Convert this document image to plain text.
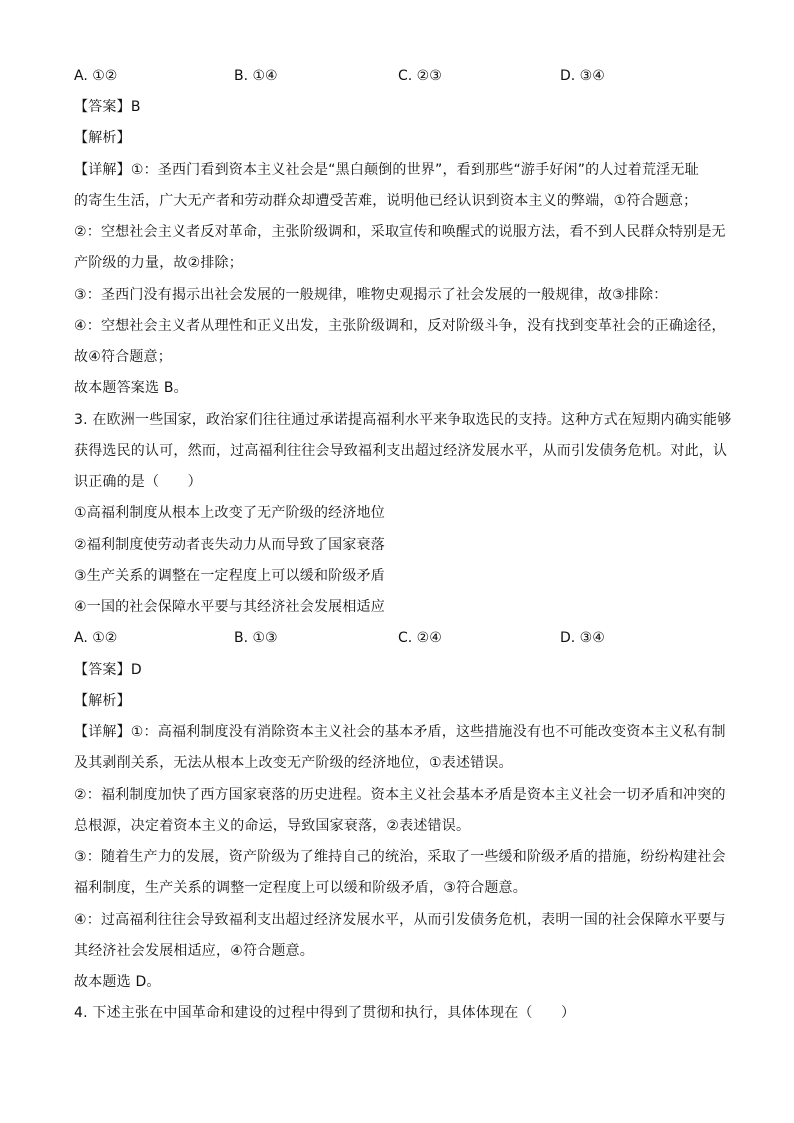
A. ①②	B. ①④	C. ②③	D. ③④
【答案】B
【解析】
【详解】①：圣西门看到资本主义社会是“黑白颠倒的世界”，看到那些“游手好闲”的人过着荒淫无耻
的寄生生活，广大无产者和劳动群众却遭受苦难，说明他已经认识到资本主义的弊端，①符合题意；
②：空想社会主义者反对革命，主张阶级调和，采取宣传和唤醒式的说服方法，看不到人民群众特别是无
产阶级的力量，故②排除；
③：圣西门没有揭示出社会发展的一般规律，唯物史观揭示了社会发展的一般规律，故③排除：
④：空想社会主义者从理性和正义出发，主张阶级调和，反对阶级斗争，没有找到变革社会的正确途径，
故④符合题意；
故本题答案选 B。
3. 在欧洲一些国家，政治家们往往通过承诺提高福利水平来争取选民的支持。这种方式在短期内确实能够
获得选民的认可，然而，过高福利往往会导致福利支出超过经济发展水平，从而引发债务危机。对此，认
识正确的是（　　）
①高福利制度从根本上改变了无产阶级的经济地位
②福利制度使劳动者丧失动力从而导致了国家衰落
③生产关系的调整在一定程度上可以缓和阶级矛盾
④一国的社会保障水平要与其经济社会发展相适应
A. ①②	B. ①③	C. ②④	D. ③④
【答案】D
【解析】
【详解】①：高福利制度没有消除资本主义社会的基本矛盾，这些措施没有也不可能改变资本主义私有制
及其剥削关系，无法从根本上改变无产阶级的经济地位，①表述错误。
②：福利制度加快了西方国家衰落的历史进程。资本主义社会基本矛盾是资本主义社会一切矛盾和冲突的
总根源，决定着资本主义的命运，导致国家衰落，②表述错误。
③：随着生产力的发展，资产阶级为了维持自己的统治，采取了一些缓和阶级矛盾的措施，纷纷构建社会
福利制度，生产关系的调整一定程度上可以缓和阶级矛盾，③符合题意。
④：过高福利往往会导致福利支出超过经济发展水平，从而引发债务危机，表明一国的社会保障水平要与
其经济社会发展相适应，④符合题意。
故本题选 D。
4. 下述主张在中国革命和建设的过程中得到了贯彻和执行，具体体现在（　　）
